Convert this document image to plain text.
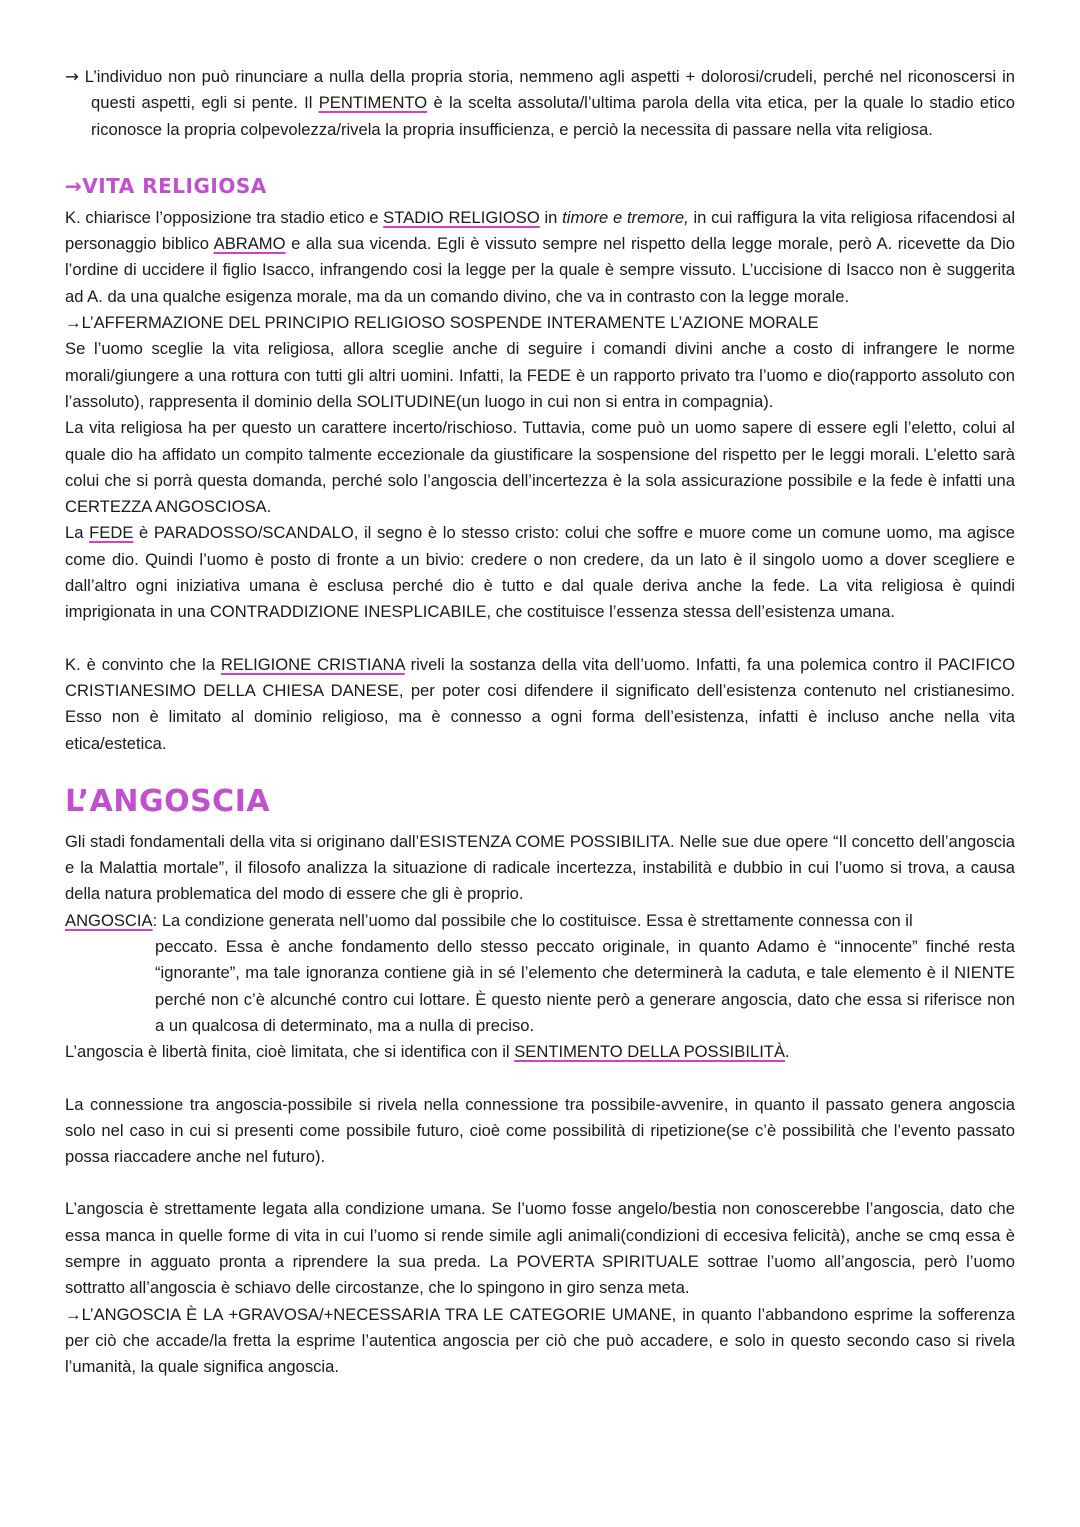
→ L’individuo non può rinunciare a nulla della propria storia, nemmeno agli aspetti + dolorosi/crudeli, perché nel riconoscersi in questi aspetti, egli si pente. Il PENTIMENTO è la scelta assoluta/l’ultima parola della vita etica, per la quale lo stadio etico riconosce la propria colpevolezza/rivela la propria insufficienza, e perciò la necessita di passare nella vita religiosa.

→VITA RELIGIOSA

K. chiarisce l’opposizione tra stadio etico e STADIO RELIGIOSO in timore e tremore, in cui raffigura la vita religiosa rifacendosi al personaggio biblico ABRAMO e alla sua vicenda. Egli è vissuto sempre nel rispetto della legge morale, però A. ricevette da Dio l’ordine di uccidere il figlio Isacco, infrangendo cosi la legge per la quale è sempre vissuto. L’uccisione di Isacco non è suggerita ad A. da una qualche esigenza morale, ma da un comando divino, che va in contrasto con la legge morale.

→L’AFFERMAZIONE DEL PRINCIPIO RELIGIOSO SOSPENDE INTERAMENTE L’AZIONE MORALE

Se l’uomo sceglie la vita religiosa, allora sceglie anche di seguire i comandi divini anche a costo di infrangere le norme morali/giungere a una rottura con tutti gli altri uomini. Infatti, la FEDE è un rapporto privato tra l’uomo e dio(rapporto assoluto con l’assoluto), rappresenta il dominio della SOLITUDINE(un luogo in cui non si entra in compagnia).

La vita religiosa ha per questo un carattere incerto/rischioso. Tuttavia, come può un uomo sapere di essere egli l’eletto, colui al quale dio ha affidato un compito talmente eccezionale da giustificare la sospensione del rispetto per le leggi morali. L’eletto sarà colui che si porrà questa domanda, perché solo l’angoscia dell’incertezza è la sola assicurazione possibile e la fede è infatti una CERTEZZA ANGOSCIOSA.

La FEDE è PARADOSSO/SCANDALO, il segno è lo stesso cristo: colui che soffre e muore come un comune uomo, ma agisce come dio. Quindi l’uomo è posto di fronte a un bivio: credere o non credere, da un lato è il singolo uomo a dover scegliere e dall’altro ogni iniziativa umana è esclusa perché dio è tutto e dal quale deriva anche la fede. La vita religiosa è quindi imprigionata in una CONTRADDIZIONE INESPLICABILE, che costituisce l’essenza stessa dell’esistenza umana.

K. è convinto che la RELIGIONE CRISTIANA riveli la sostanza della vita dell’uomo. Infatti, fa una polemica contro il PACIFICO CRISTIANESIMO DELLA CHIESA DANESE, per poter cosi difendere il significato dell’esistenza contenuto nel cristianesimo. Esso non è limitato al dominio religioso, ma è connesso a ogni forma dell’esistenza, infatti è incluso anche nella vita etica/estetica.

L’ANGOSCIA

Gli stadi fondamentali della vita si originano dall’ESISTENZA COME POSSIBILITA. Nelle sue due opere “Il concetto dell’angoscia e la Malattia mortale”, il filosofo analizza la situazione di radicale incertezza, instabilità e dubbio in cui l’uomo si trova, a causa della natura problematica del modo di essere che gli è proprio.

ANGOSCIA: La condizione generata nell’uomo dal possibile che lo costituisce. Essa è strettamente connessa con il

peccato. Essa è anche fondamento dello stesso peccato originale, in quanto Adamo è “innocente” finché resta “ignorante”, ma tale ignoranza contiene già in sé l’elemento che determinerà la caduta, e tale elemento è il NIENTE perché non c’è alcunché contro cui lottare. È questo niente però a generare angoscia, dato che essa si riferisce non a un qualcosa di determinato, ma a nulla di preciso.

L’angoscia è libertà finita, cioè limitata, che si identifica con il SENTIMENTO DELLA POSSIBILITÀ.

La connessione tra angoscia-possibile si rivela nella connessione tra possibile-avvenire, in quanto il passato genera angoscia solo nel caso in cui si presenti come possibile futuro, cioè come possibilità di ripetizione(se c’è possibilità che l’evento passato possa riaccadere anche nel futuro).

L’angoscia è strettamente legata alla condizione umana. Se l’uomo fosse angelo/bestia non conoscerebbe l’angoscia, dato che essa manca in quelle forme di vita in cui l’uomo si rende simile agli animali(condizioni di eccesiva felicità), anche se cmq essa è sempre in agguato pronta a riprendere la sua preda. La POVERTA SPIRITUALE sottrae l’uomo all’angoscia, però l’uomo sottratto all’angoscia è schiavo delle circostanze, che lo spingono in giro senza meta.

→L’ANGOSCIA È LA +GRAVOSA/+NECESSARIA TRA LE CATEGORIE UMANE, in quanto l’abbandono esprime la sofferenza per ciò che accade/la fretta la esprime l’autentica angoscia per ciò che può accadere, e solo in questo secondo caso si rivela l’umanità, la quale significa angoscia.
